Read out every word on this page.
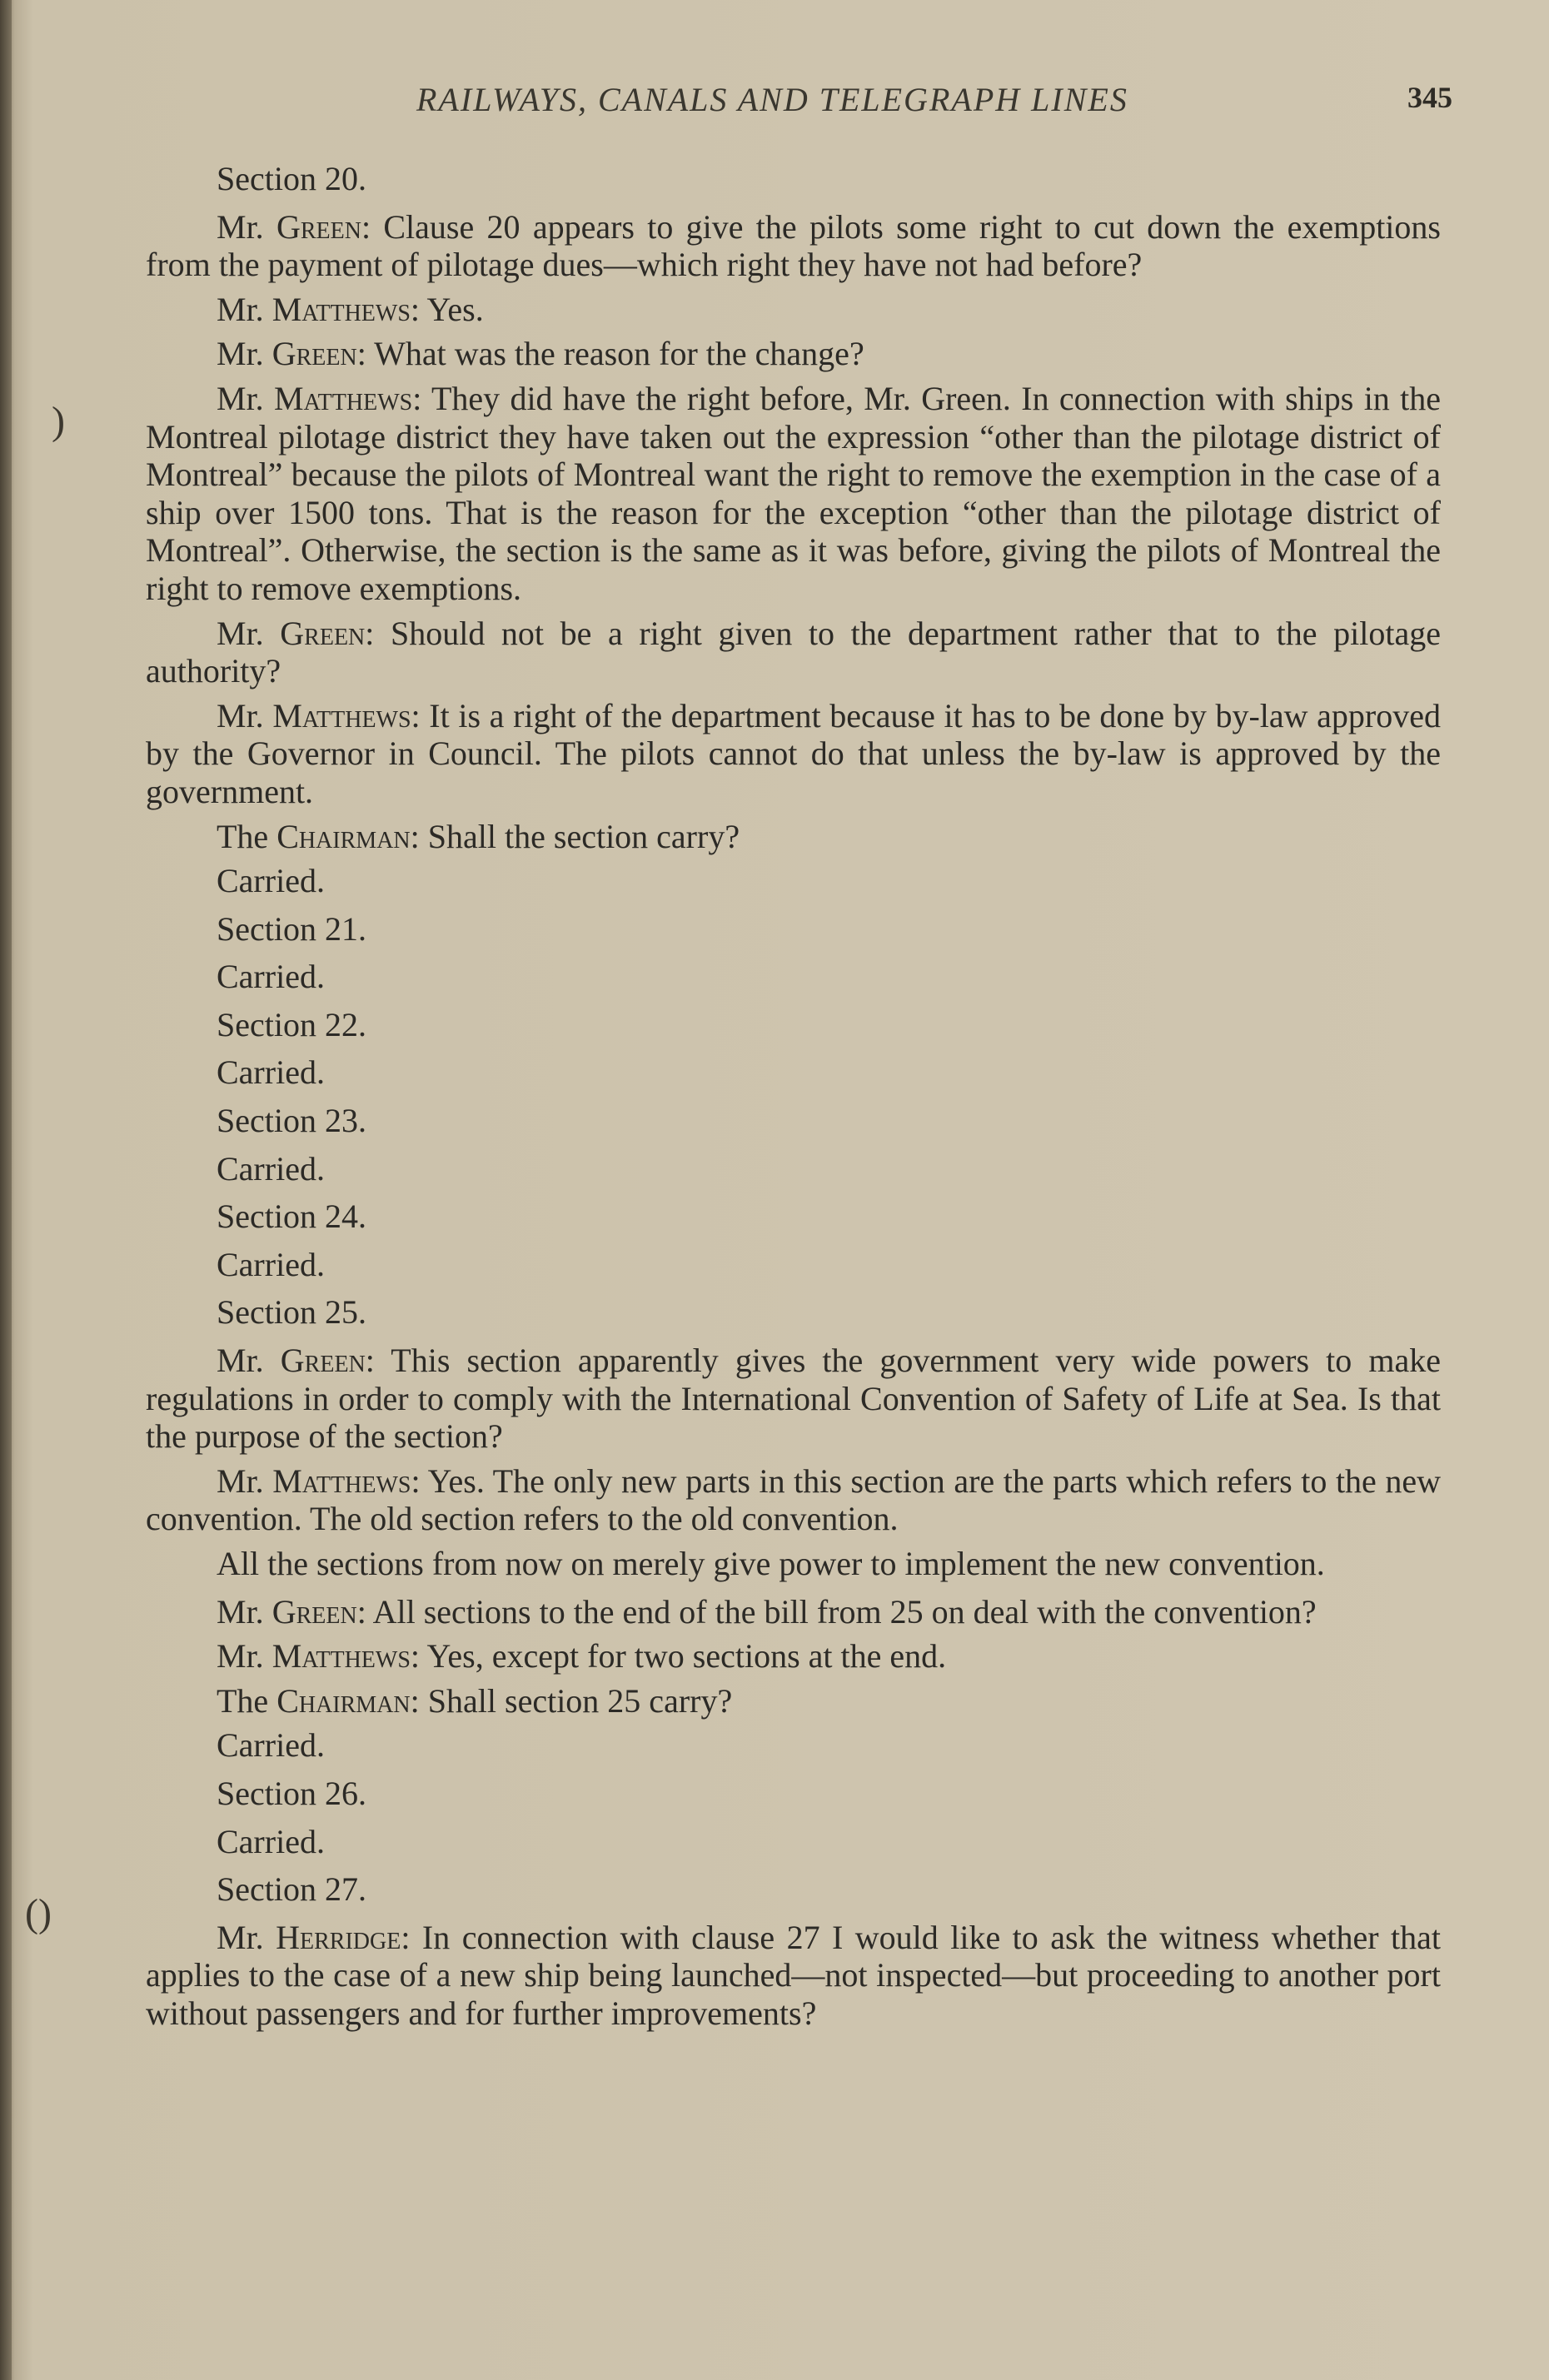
RAILWAYS, CANALS AND TELEGRAPH LINES	345
)
()

Section 20.

Mr. Green: Clause 20 appears to give the pilots some right to cut down the exemptions from the payment of pilotage dues—which right they have not had before?

Mr. Matthews: Yes.

Mr. Green: What was the reason for the change?

Mr. Matthews: They did have the right before, Mr. Green. In connection with ships in the Montreal pilotage district they have taken out the expression “other than the pilotage district of Montreal” because the pilots of Montreal want the right to remove the exemption in the case of a ship over 1500 tons. That is the reason for the exception “other than the pilotage district of Montreal”. Otherwise, the section is the same as it was before, giving the pilots of Montreal the right to remove exemptions.

Mr. Green: Should not be a right given to the department rather that to the pilotage authority?

Mr. Matthews: It is a right of the department because it has to be done by by-law approved by the Governor in Council. The pilots cannot do that unless the by-law is approved by the government.

The Chairman: Shall the section carry?

Carried.

Section 21.

Carried.

Section 22.

Carried.

Section 23.

Carried.

Section 24.

Carried.

Section 25.

Mr. Green: This section apparently gives the government very wide powers to make regulations in order to comply with the International Convention of Safety of Life at Sea. Is that the purpose of the section?

Mr. Matthews: Yes. The only new parts in this section are the parts which refers to the new convention. The old section refers to the old convention.

All the sections from now on merely give power to implement the new convention.

Mr. Green: All sections to the end of the bill from 25 on deal with the convention?

Mr. Matthews: Yes, except for two sections at the end.

The Chairman: Shall section 25 carry?

Carried.

Section 26.

Carried.

Section 27.

Mr. Herridge: In connection with clause 27 I would like to ask the witness whether that applies to the case of a new ship being launched—not inspected—but proceeding to another port without passengers and for further improvements?
